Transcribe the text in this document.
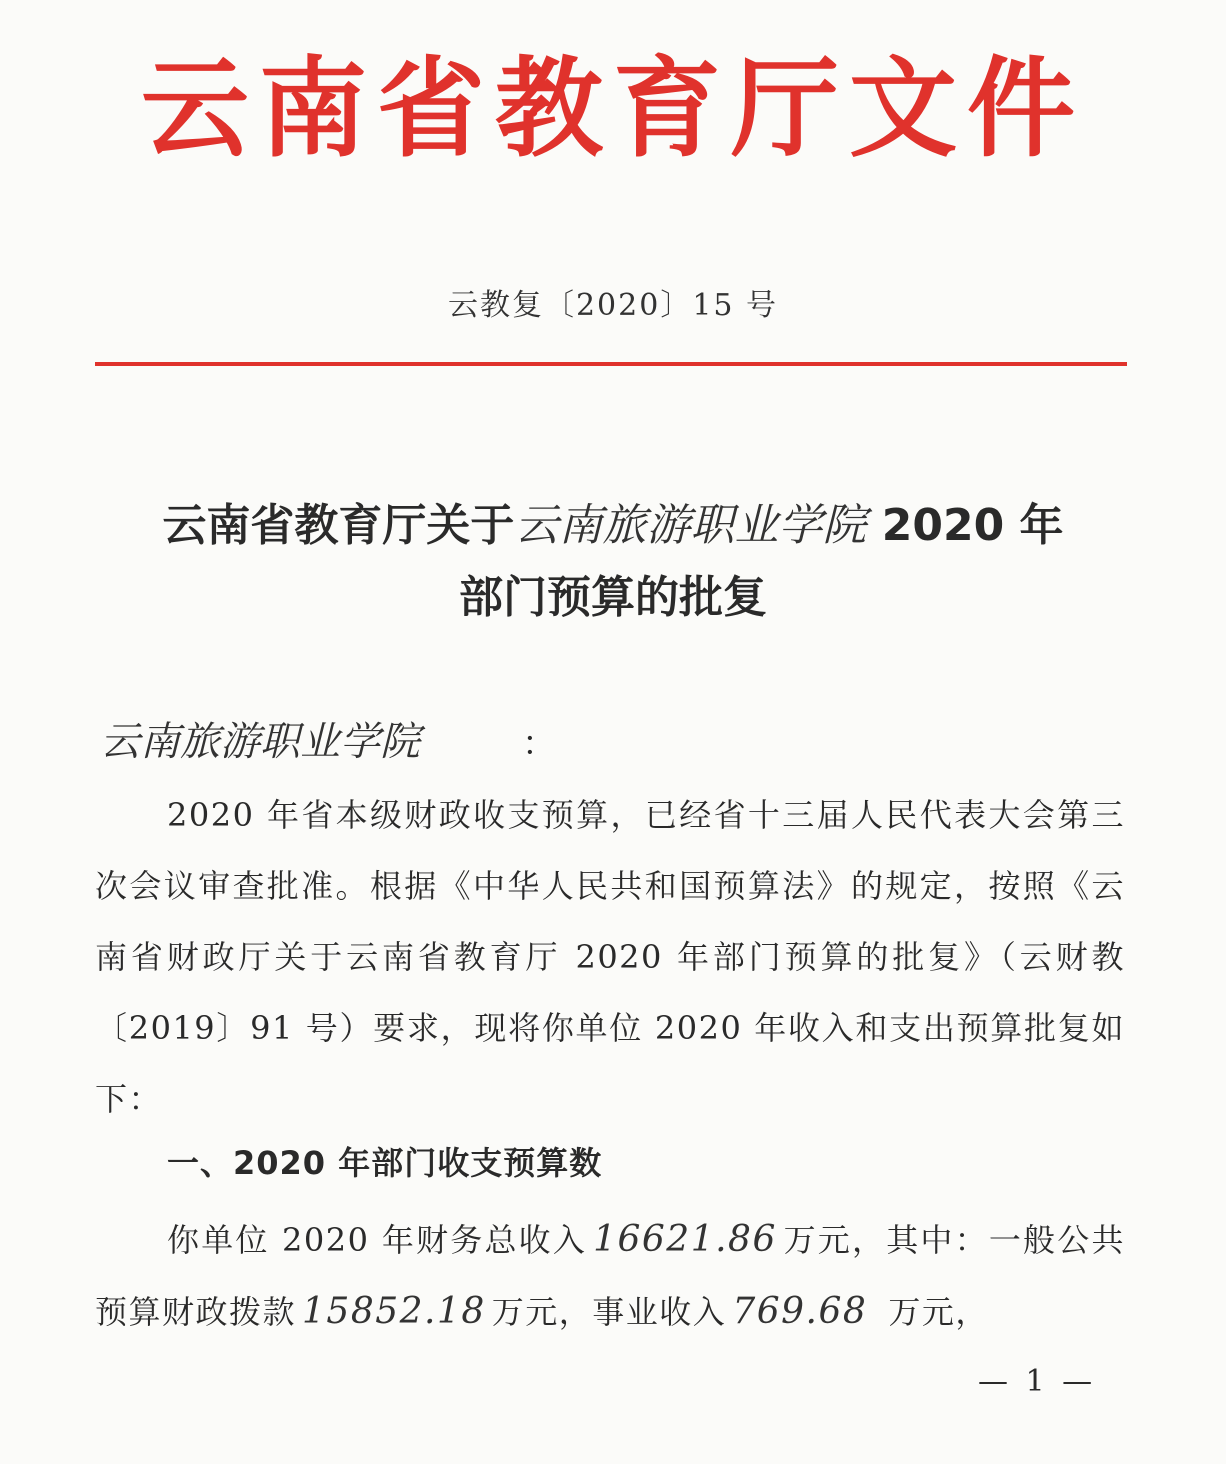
云南省教育厅文件
云教复〔2020〕15 号
云南省教育厅关于云南旅游职业学院 2020 年
部门预算的批复
云南旅游职业学院	：
2020 年省本级财政收支预算，已经省十三届人民代表大会第三次会议审查批准。根据《中华人民共和国预算法》的规定，按照《云南省财政厅关于云南省教育厅 2020 年部门预算的批复》（云财教〔2019〕91 号）要求，现将你单位 2020 年收入和支出预算批复如下：
一、2020 年部门收支预算数
你单位 2020 年财务总收入 16621.86 万元，其中：一般公共预算财政拨款 15852.18 万元，事业收入 769.68 万元，
— 1 —
